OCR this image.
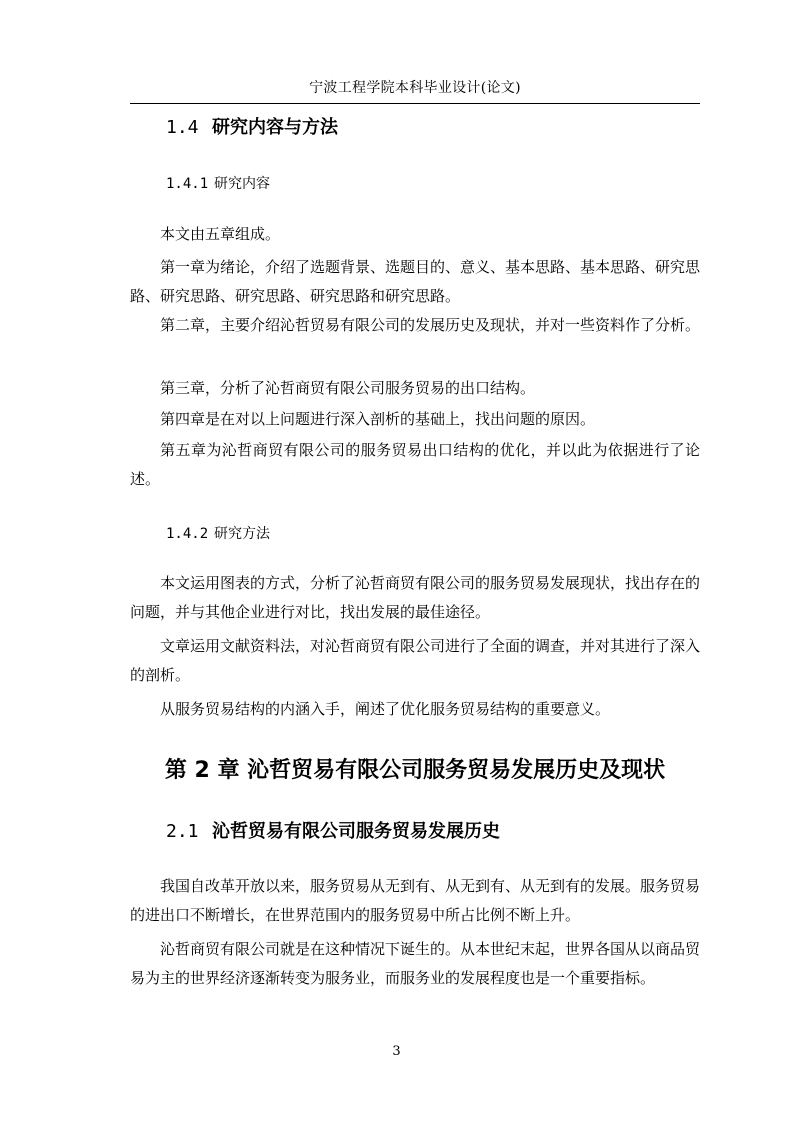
宁波工程学院本科毕业设计(论文)
1.4 研究内容与方法
1.4.1 研究内容

本文由五章组成。

第一章为绪论，介绍了选题背景、选题目的、意义、基本思路、基本思路、研究思路、研究思路、研究思路、研究思路和研究思路。

第二章，主要介绍沁哲贸易有限公司的发展历史及现状，并对一些资料作了分析。

第三章，分析了沁哲商贸有限公司服务贸易的出口结构。

第四章是在对以上问题进行深入剖析的基础上，找出问题的原因。

第五章为沁哲商贸有限公司的服务贸易出口结构的优化，并以此为依据进行了论述。

1.4.2 研究方法

本文运用图表的方式，分析了沁哲商贸有限公司的服务贸易发展现状，找出存在的问题，并与其他企业进行对比，找出发展的最佳途径。

文章运用文献资料法，对沁哲商贸有限公司进行了全面的调查，并对其进行了深入的剖析。

从服务贸易结构的内涵入手，阐述了优化服务贸易结构的重要意义。

第 2 章 沁哲贸易有限公司服务贸易发展历史及现状
2.1 沁哲贸易有限公司服务贸易发展历史

我国自改革开放以来，服务贸易从无到有、从无到有、从无到有的发展。服务贸易的进出口不断增长，在世界范围内的服务贸易中所占比例不断上升。

沁哲商贸有限公司就是在这种情况下诞生的。从本世纪末起，世界各国从以商品贸易为主的世界经济逐渐转变为服务业，而服务业的发展程度也是一个重要指标。

3
